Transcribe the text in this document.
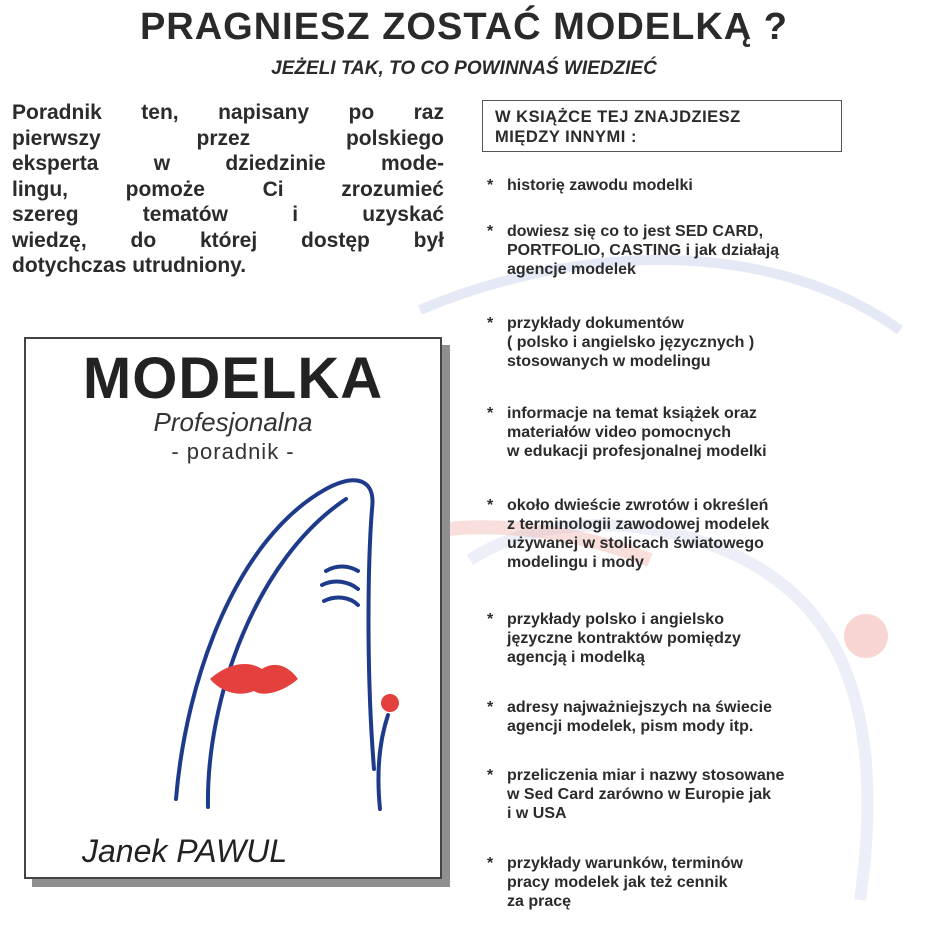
PRAGNIESZ ZOSTAĆ MODELKĄ ?
JEŻELI TAK, TO CO POWINNAŚ WIEDZIEĆ
Poradnik ten, napisany po raz
pierwszy przez polskiego
eksperta w dziedzinie mode-
lingu, pomoże Ci zrozumieć
szereg tematów i uzyskać
wiedzę, do której dostęp był
dotychczas utrudniony.
W KSIĄŻCE TEJ ZNAJDZIESZ
MIĘDZY INNYMI :
* historię zawodu modelki
* dowiesz się co to jest SED CARD,
PORTFOLIO, CASTING i jak działają
agencje modelek
* przykłady dokumentów
( polsko i angielsko języcznych )
stosowanych w modelingu
* informacje na temat książek oraz
materiałów video pomocnych
w edukacji profesjonalnej modelki
* około dwieście zwrotów i określeń
z terminologii zawodowej modelek
używanej w stolicach światowego
modelingu i mody
* przykłady polsko i angielsko
języczne kontraktów pomiędzy
agencją i modelką
* adresy najważniejszych na świecie
agencji modelek, pism mody itp.
* przeliczenia miar i nazwy stosowane
w Sed Card zarówno w Europie jak
i w USA
* przykłady warunków, terminów
pracy modelek jak też cennik
za pracę
MODELKA
Profesjonalna
- poradnik -
Janek PAWUL
